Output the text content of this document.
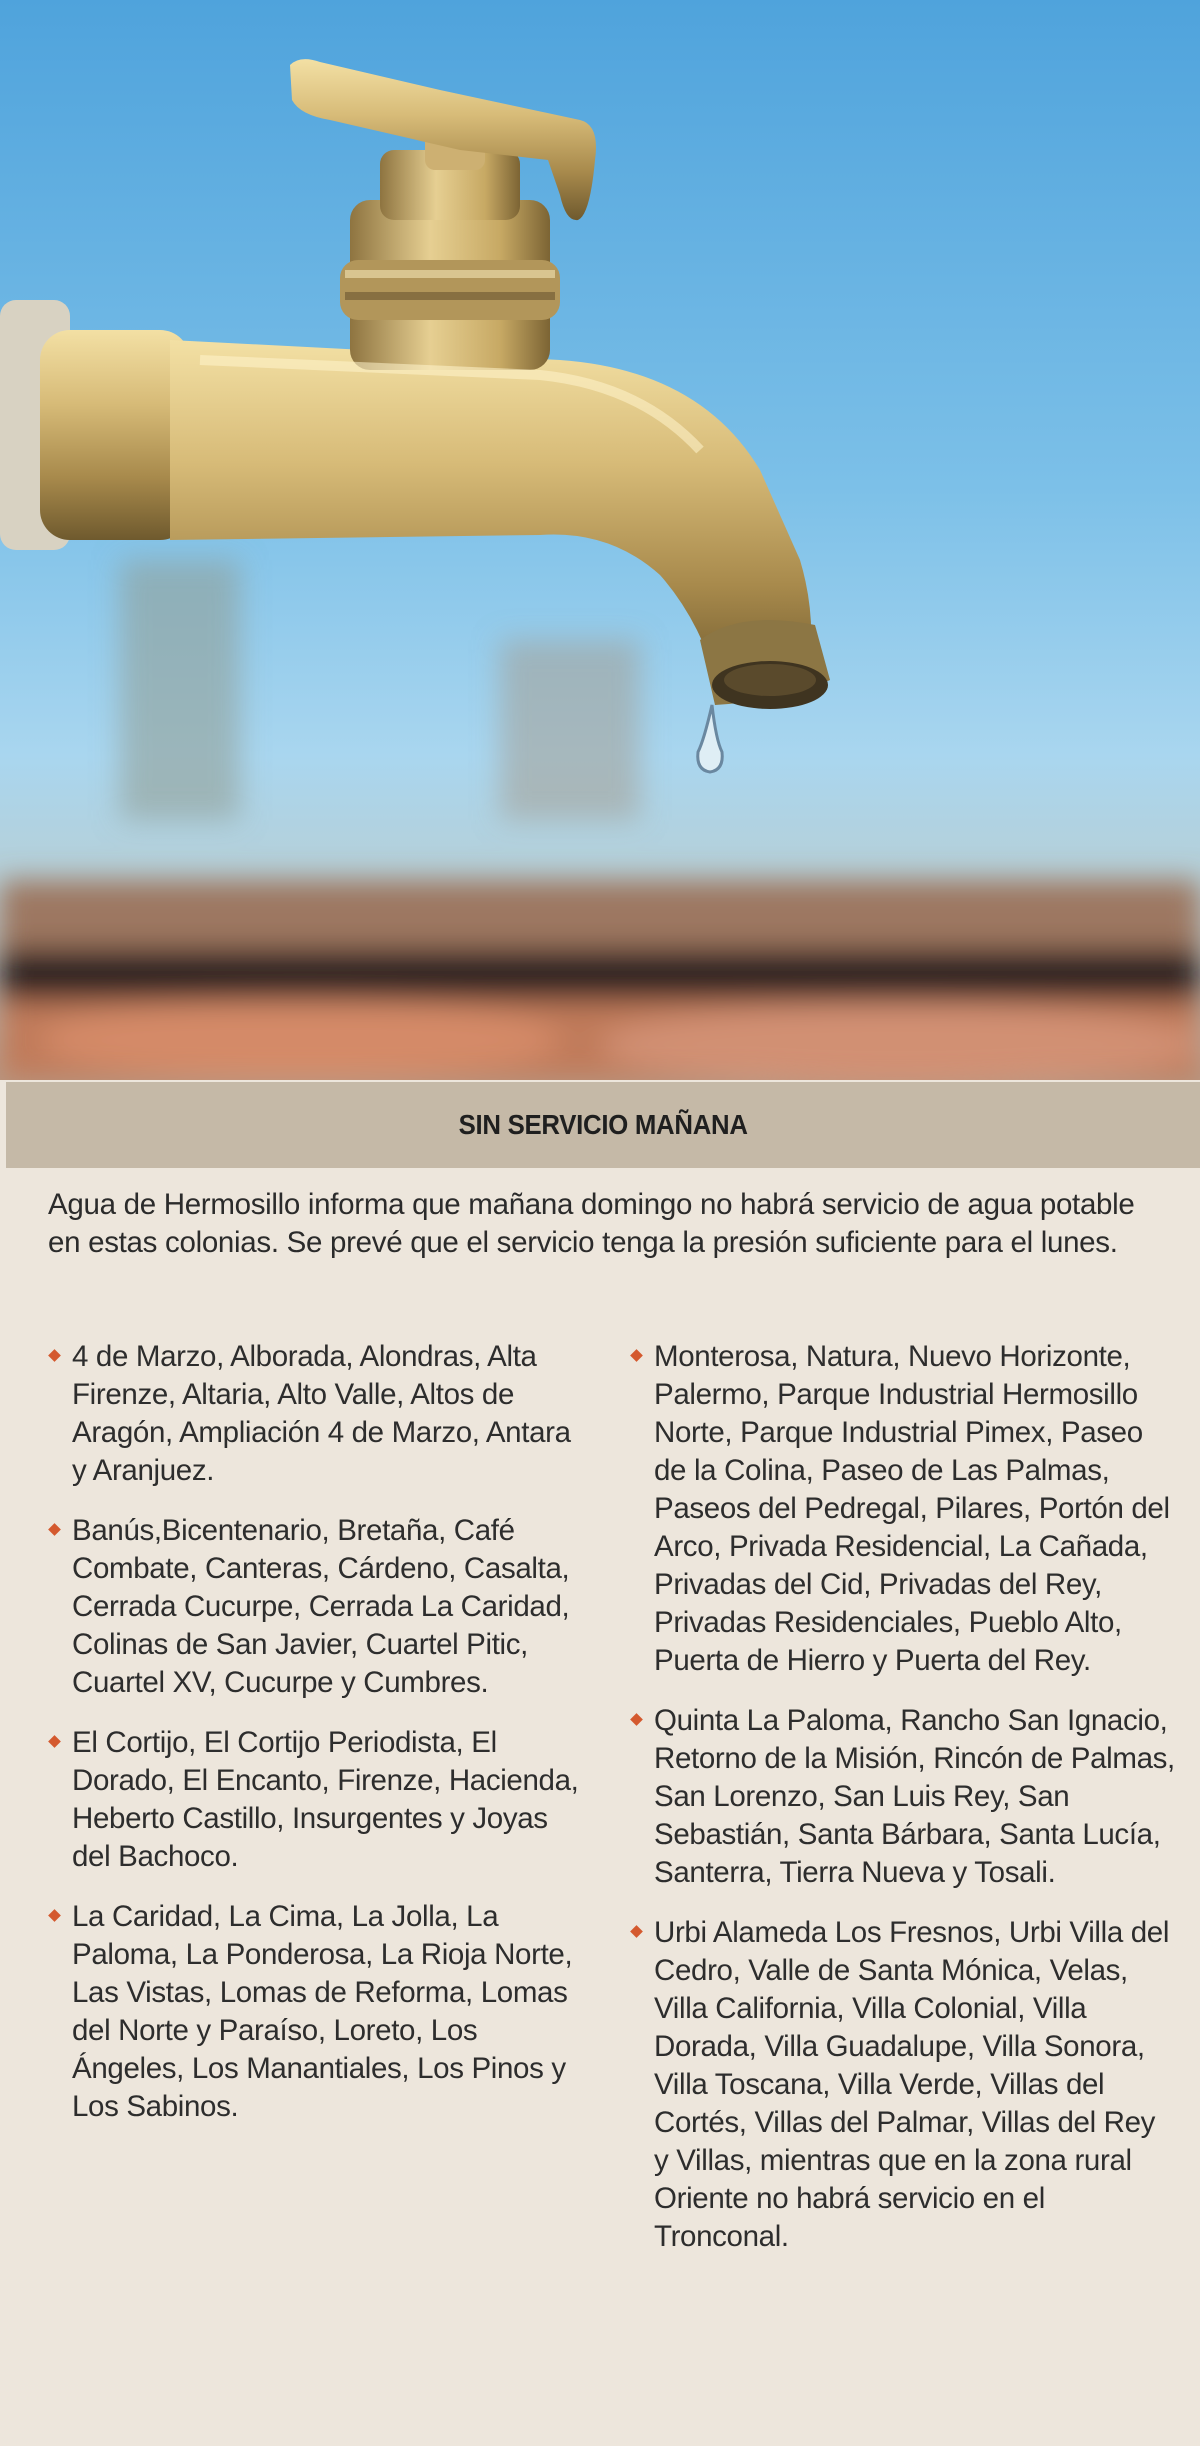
SIN SERVICIO MAÑANA
Agua de Hermosillo informa que mañana domingo no habrá servicio de agua potable en estas colonias. Se prevé que el servicio tenga la presión suficiente para el lunes.
4 de Marzo, Alborada, Alondras, Alta Firenze, Altaria, Alto Valle, Altos de Aragón, Ampliación 4 de Marzo, Antara y Aranjuez.
Banús,Bicentenario, Bretaña, Café Combate, Canteras, Cárdeno, Casalta, Cerrada Cucurpe, Cerrada La Caridad, Colinas de San Javier, Cuartel Pitic, Cuartel XV, Cucurpe y Cumbres.
El Cortijo, El Cortijo Periodista, El Dorado, El Encanto, Firenze, Hacienda, Heberto Castillo, Insurgentes y Joyas del Bachoco.
La Caridad, La Cima, La Jolla, La Paloma, La Ponderosa, La Rioja Norte, Las Vistas, Lomas de Reforma, Lomas del Norte y Paraíso, Loreto, Los Ángeles, Los Manantiales, Los Pinos y Los Sabinos.
Monterosa, Natura, Nuevo Horizonte, Palermo, Parque Industrial Hermosillo Norte, Parque Industrial Pimex, Paseo de la Colina, Paseo de Las Palmas, Paseos del Pedregal, Pilares, Portón del Arco, Privada Residencial, La Cañada, Privadas del Cid, Privadas del Rey, Privadas Residenciales, Pueblo Alto, Puerta de Hierro y Puerta del Rey.
Quinta La Paloma, Rancho San Ignacio, Retorno de la Misión, Rincón de Palmas, San Lorenzo, San Luis Rey, San Sebastián, Santa Bárbara, Santa Lucía, Santerra, Tierra Nueva y Tosali.
Urbi Alameda Los Fresnos, Urbi Villa del Cedro, Valle de Santa Mónica, Velas, Villa California, Villa Colonial, Villa Dorada, Villa Guadalupe, Villa Sonora, Villa Toscana, Villa Verde, Villas del Cortés, Villas del Palmar, Villas del Rey y Villas, mientras que en la zona rural Oriente no habrá servicio en el Tronconal.
